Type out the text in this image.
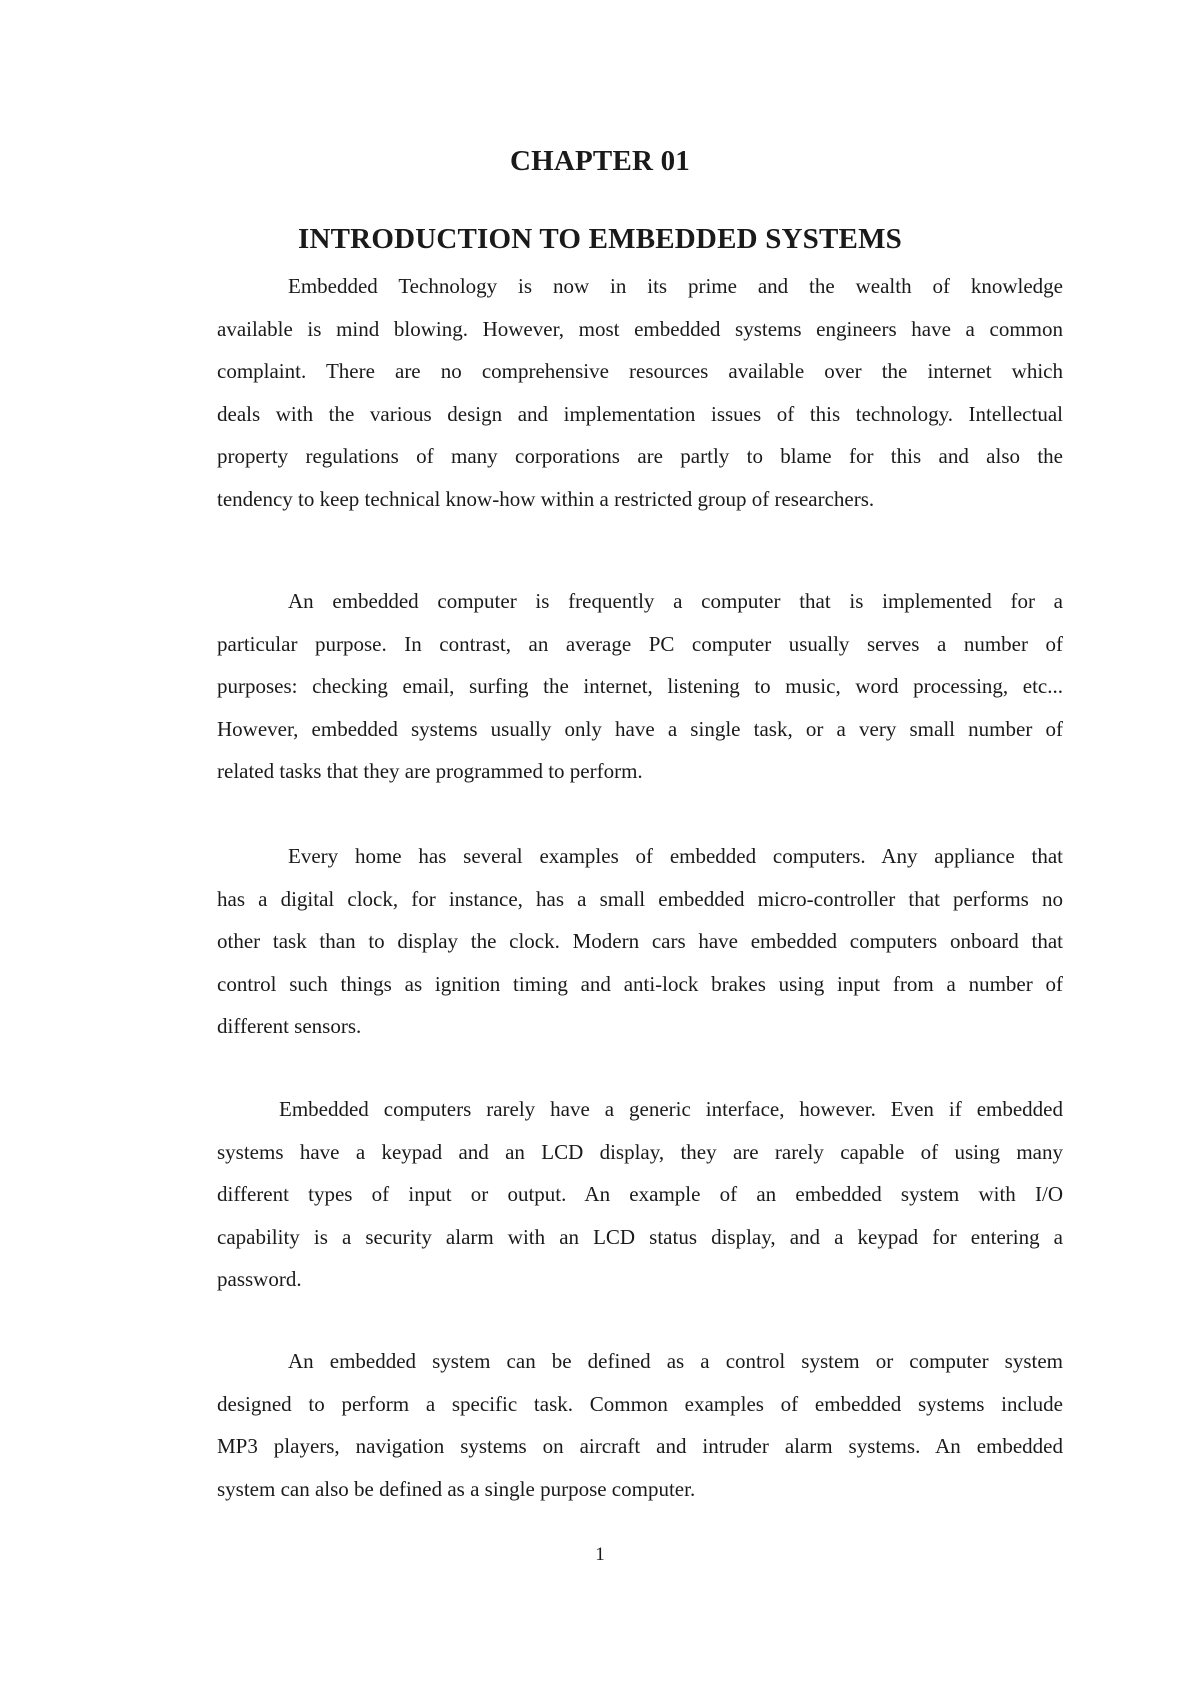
CHAPTER 01
INTRODUCTION TO EMBEDDED SYSTEMS
Embedded Technology is now in its prime and the wealth of knowledge
available is mind blowing. However, most embedded systems engineers have a common
complaint. There are no comprehensive resources available over the internet which
deals with the various design and implementation issues of this technology. Intellectual
property regulations of many corporations are partly to blame for this and also the
tendency to keep technical know-how within a restricted group of researchers.
An embedded computer is frequently a computer that is implemented for a
particular purpose. In contrast, an average PC computer usually serves a number of
purposes: checking email, surfing the internet, listening to music, word processing, etc...
However, embedded systems usually only have a single task, or a very small number of
related tasks that they are programmed to perform.
Every home has several examples of embedded computers. Any appliance that
has a digital clock, for instance, has a small embedded micro-controller that performs no
other task than to display the clock. Modern cars have embedded computers onboard that
control such things as ignition timing and anti-lock brakes using input from a number of
different sensors.
Embedded computers rarely have a generic interface, however. Even if embedded
systems have a keypad and an LCD display, they are rarely capable of using many
different types of input or output. An example of an embedded system with I/O
capability is a security alarm with an LCD status display, and a keypad for entering a
password.
An embedded system can be defined as a control system or computer system
designed to perform a specific task. Common examples of embedded systems include
MP3 players, navigation systems on aircraft and intruder alarm systems. An embedded
system can also be defined as a single purpose computer.
1
